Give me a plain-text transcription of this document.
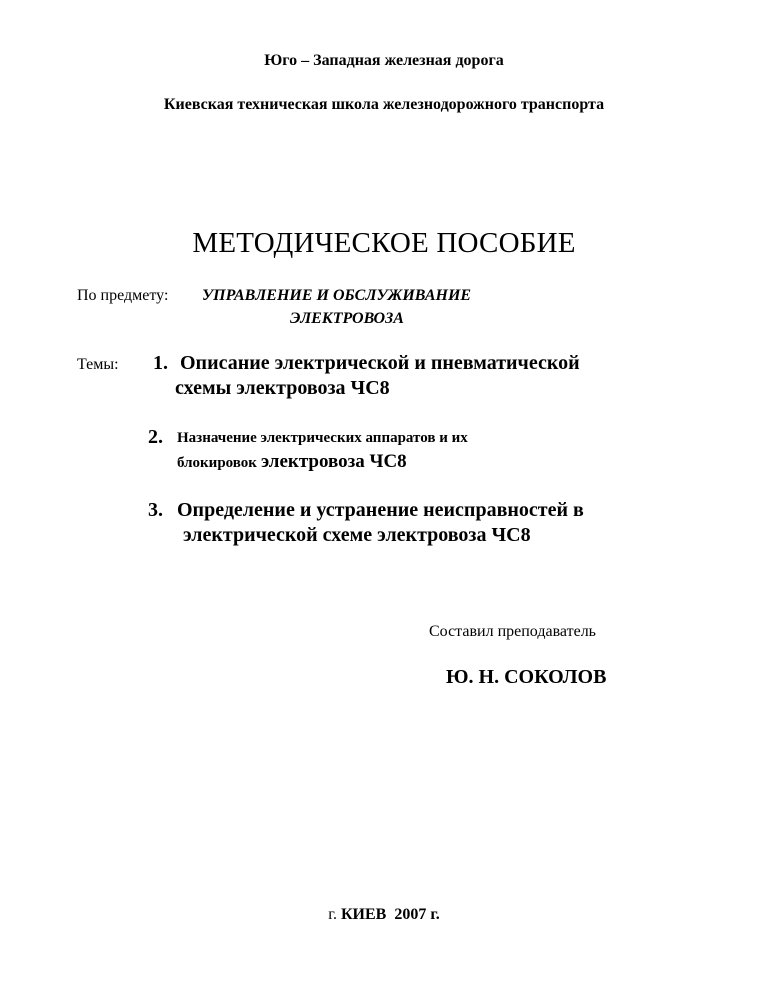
Юго – Западная железная дорога
Киевская техническая школа железнодорожного транспорта
МЕТОДИЧЕСКОЕ ПОСОБИЕ
По предмету: УПРАВЛЕНИЕ И ОБСЛУЖИВАНИЕ
ЭЛЕКТРОВОЗА
Темы: 1. Описание электрической и пневматической
схемы электровоза ЧС8
2. Назначение электрических аппаратов и их
блокировок электровоза ЧС8
3. Определение и устранение неисправностей в
электрической схеме электровоза ЧС8
Составил преподаватель
Ю. Н. СОКОЛОВ
г. КИЕВ  2007 г.
